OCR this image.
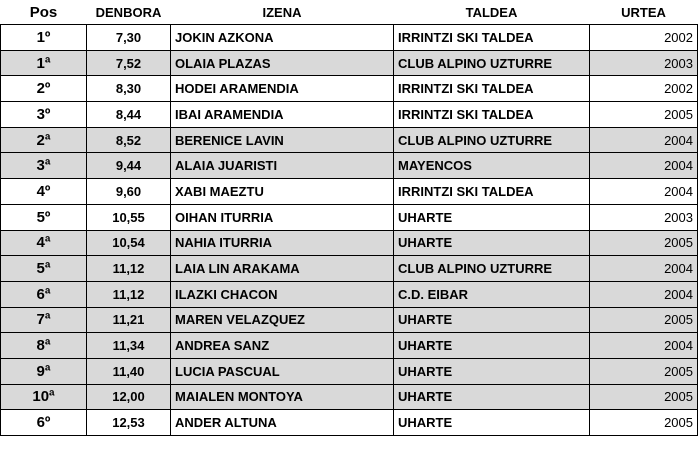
Pos	DENBORA	IZENA	TALDEA	URTEA
1º	7,30	JOKIN AZKONA	IRRINTZI SKI TALDEA	2002
1ª	7,52	OLAIA PLAZAS	CLUB ALPINO UZTURRE	2003
2º	8,30	HODEI ARAMENDIA	IRRINTZI SKI TALDEA	2002
3º	8,44	IBAI ARAMENDIA	IRRINTZI SKI TALDEA	2005
2ª	8,52	BERENICE LAVIN	CLUB ALPINO UZTURRE	2004
3ª	9,44	ALAIA JUARISTI	MAYENCOS	2004
4º	9,60	XABI MAEZTU	IRRINTZI SKI TALDEA	2004
5º	10,55	OIHAN ITURRIA	UHARTE	2003
4ª	10,54	NAHIA ITURRIA	UHARTE	2005
5ª	11,12	LAIA LIN ARAKAMA	CLUB ALPINO UZTURRE	2004
6ª	11,12	ILAZKI CHACON	C.D. EIBAR	2004
7ª	11,21	MAREN VELAZQUEZ	UHARTE	2005
8ª	11,34	ANDREA SANZ	UHARTE	2004
9ª	11,40	LUCIA PASCUAL	UHARTE	2005
10ª	12,00	MAIALEN MONTOYA	UHARTE	2005
6º	12,53	ANDER ALTUNA	UHARTE	2005
